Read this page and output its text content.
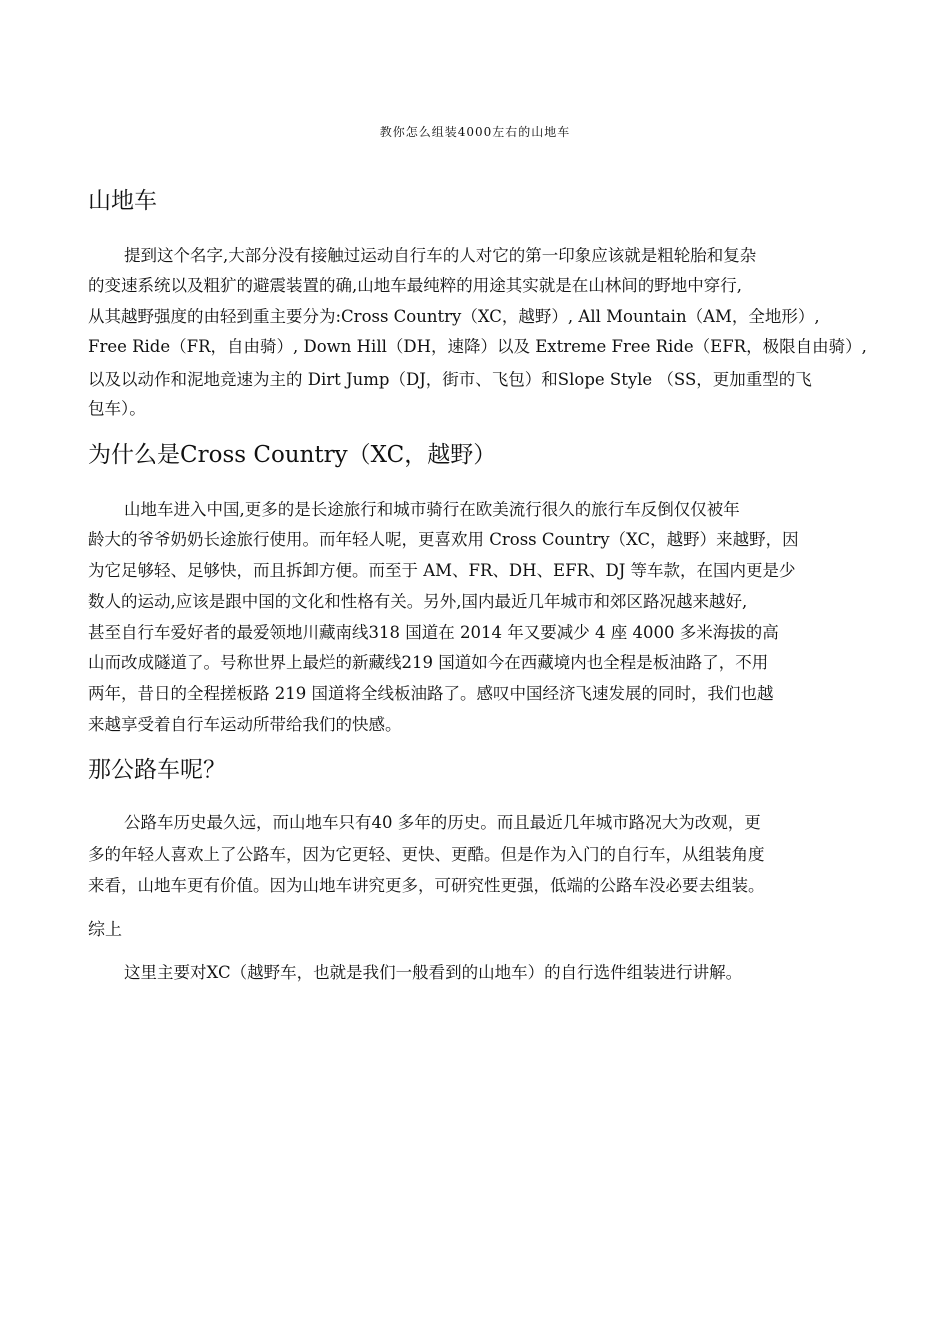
教你怎么组装4000左右的山地车
山地车
提到这个名字,大部分没有接触过运动自行车的人对它的第一印象应该就是粗轮胎和复杂
的变速系统以及粗犷的避震装置的确,山地车最纯粹的用途其实就是在山林间的野地中穿行,
从其越野强度的由轻到重主要分为:Cross Country（XC，越野）, All Mountain（AM，全地形）,
Free Ride（FR，自由骑）, Down Hill（DH，速降）以及 Extreme Free Ride（EFR，极限自由骑）,
以及以动作和泥地竞速为主的 Dirt Jump（DJ，街市、飞包）和Slope Style （SS，更加重型的飞
包车）。
为什么是Cross Country（XC，越野）
山地车进入中国,更多的是长途旅行和城市骑行在欧美流行很久的旅行车反倒仅仅被年
龄大的爷爷奶奶长途旅行使用。而年轻人呢，更喜欢用 Cross Country（XC，越野）来越野，因
为它足够轻、足够快，而且拆卸方便。而至于 AM、FR、DH、EFR、DJ 等车款，在国内更是少
数人的运动,应该是跟中国的文化和性格有关。另外,国内最近几年城市和郊区路况越来越好,
甚至自行车爱好者的最爱领地川藏南线318 国道在 2014 年又要减少 4 座 4000 多米海拔的高
山而改成隧道了。号称世界上最烂的新藏线219 国道如今在西藏境内也全程是板油路了，不用
两年，昔日的全程搓板路 219 国道将全线板油路了。感叹中国经济飞速发展的同时，我们也越
来越享受着自行车运动所带给我们的快感。
那公路车呢？
公路车历史最久远，而山地车只有40 多年的历史。而且最近几年城市路况大为改观，更
多的年轻人喜欢上了公路车，因为它更轻、更快、更酷。但是作为入门的自行车，从组装角度
来看，山地车更有价值。因为山地车讲究更多，可研究性更强，低端的公路车没必要去组装。
综上
这里主要对XC（越野车，也就是我们一般看到的山地车）的自行选件组装进行讲解。
